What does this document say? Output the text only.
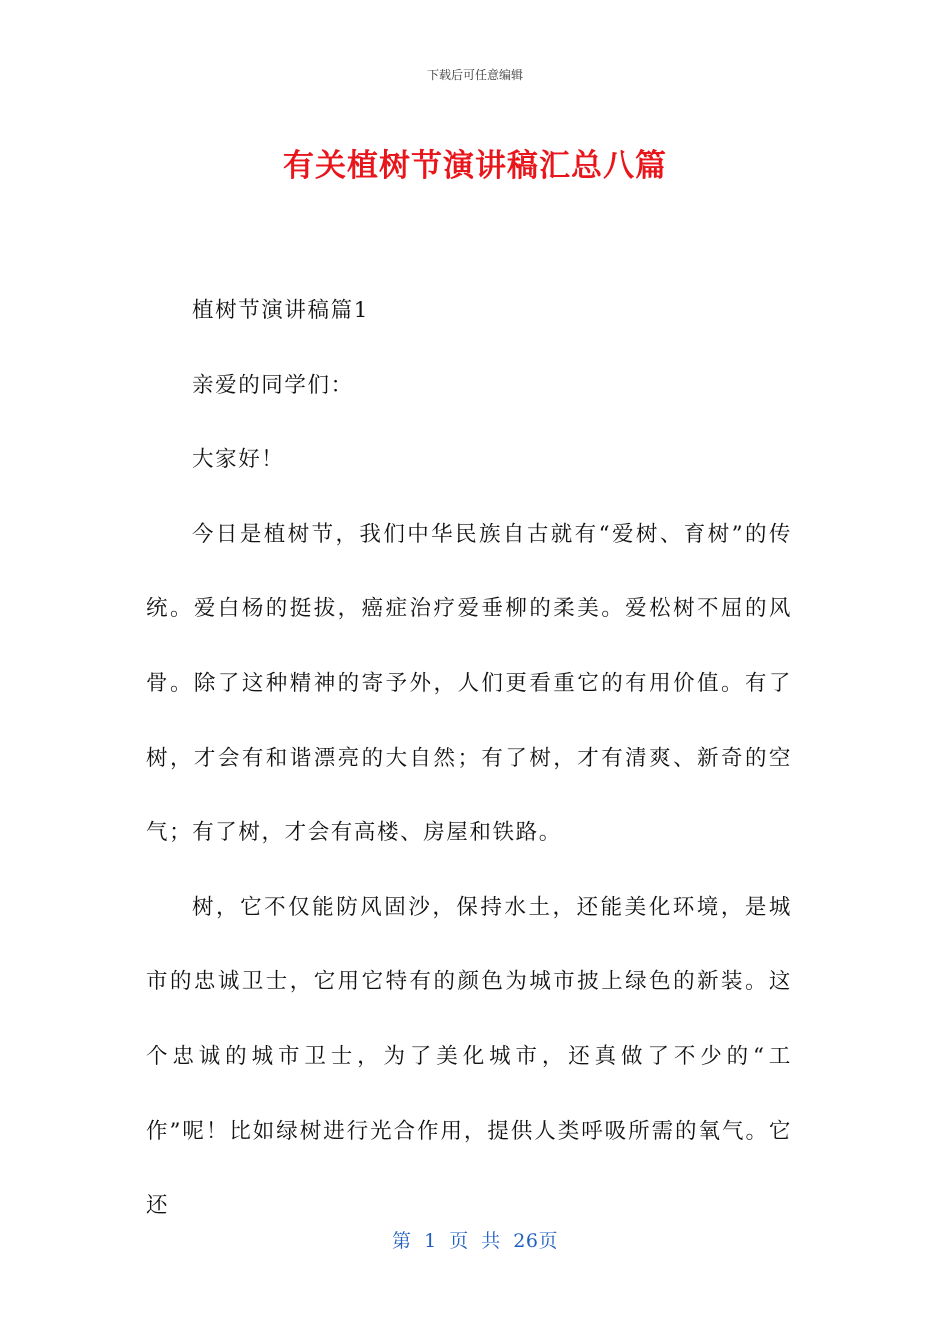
下载后可任意编辑
有关植树节演讲稿汇总八篇

植树节演讲稿篇1

亲爱的同学们：

大家好！

今日是植树节，我们中华民族自古就有“爱树、育树”的传统。爱白杨的挺拔，癌症治疗爱垂柳的柔美。爱松树不屈的风骨。除了这种精神的寄予外，人们更看重它的有用价值。有了树，才会有和谐漂亮的大自然；有了树，才有清爽、新奇的空气；有了树，才会有高楼、房屋和铁路。

树，它不仅能防风固沙，保持水土，还能美化环境，是城市的忠诚卫士，它用它特有的颜色为城市披上绿色的新装。这个忠诚的城市卫士，为了美化城市，还真做了不少的“工作”呢！比如绿树进行光合作用，提供人类呼吸所需的氧气。它还

第 1 页 共 26页
